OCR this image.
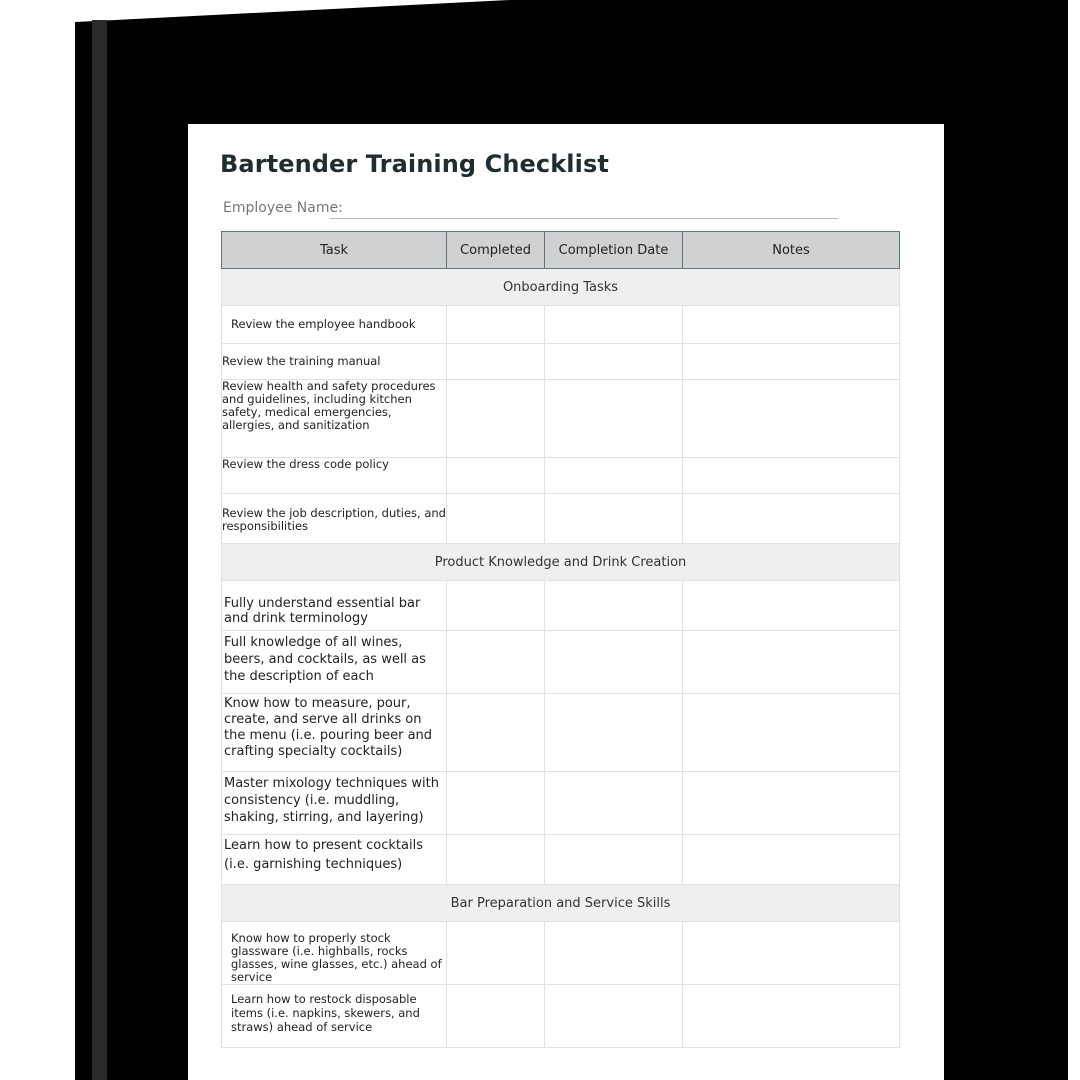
Bartender Training Checklist
Employee Name:
Task	Completed	Completion Date	Notes
Onboarding Tasks			

Review the employee handbook			

Review the training manual			

Review health and safety procedures and guidelines, including kitchen safety, medical emergencies, allergies, and sanitization			

Review the dress code policy			

Review the job description, duties, and responsibilities			

Product Knowledge and Drink Creation			

Fully understand essential bar and drink terminology			

Full knowledge of all wines, beers, and cocktails, as well as the description of each			

Know how to measure, pour, create, and serve all drinks on the menu (i.e. pouring beer and crafting specialty cocktails)			

Master mixology techniques with consistency (i.e. muddling, shaking, stirring, and layering)			

Learn how to present cocktails (i.e. garnishing techniques)			

Bar Preparation and Service Skills			

Know how to properly stock glassware (i.e. highballs, rocks glasses, wine glasses, etc.) ahead of service			

Learn how to restock disposable items (i.e. napkins, skewers, and straws) ahead of service			
